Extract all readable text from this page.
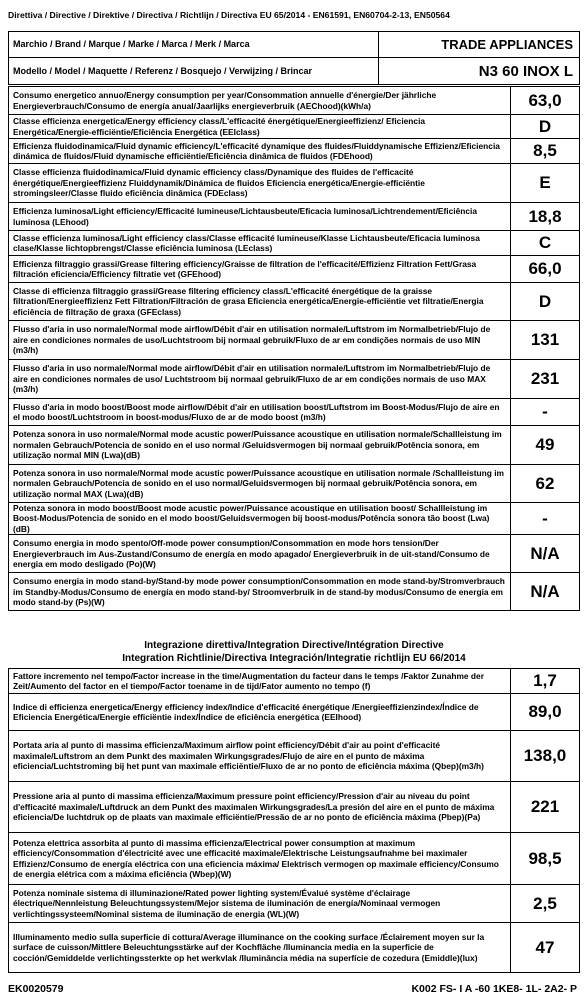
Direttiva / Directive / Direktive / Directiva / Richtlijn / Directiva EU 65/2014 - EN61591, EN60704-2-13, EN50564
Marchio / Brand / Marque / Marke / Marca / Merk / Marca	TRADE APPLIANCES
Modello / Model / Maquette / Referenz / Bosquejo / Verwijzing / Brincar	N3 60 INOX L
Consumo energetico annuo/Energy consumption per year/Consommation annuelle d'énergie/Der jährliche Energieverbrauch/Consumo de energía anual/Jaarlijks energieverbruik (AEChood)(kWh/a)	63,0
Classe efficienza energetica/Energy efficiency class/L'efficacité énergétique/Energieeffizienz/ Eficiencia Energética/Energie-efficiëntie/Eficiência Energética (EEIclass)	D
Efficienza fluidodinamica/Fluid dynamic efficiency/L'efficacité dynamique des fluides/Fluiddynamische Effizienz/Eficiencia dinámica de fluidos/Fluid dynamische efficiëntie/Eficiência dinâmica de fluidos (FDEhood)	8,5
Classe efficienza fluidodinamica/Fluid dynamic efficiency class/Dynamique des fluides de l'efficacité énergétique/Energieeffizienz Fluiddynamik/Dinámica de fluidos Eficiencia energética/Energie-efficiëntie stromingsleer/Classe fluido eficiência dinâmica (FDEclass)	E
Efficienza luminosa/Light efficiency/Efficacité lumineuse/Lichtausbeute/Eficacia luminosa/Lichtrendement/Eficiência luminosa (LEhood)	18,8
Classe efficienza luminosa/Light efficiency class/Classe efficacité lumineuse/Klasse Lichtausbeute/Eficacia luminosa clase/Klasse lichtopbrengst/Classe eficiência luminosa (LEclass)	C
Efficienza filtraggio grassi/Grease filtering efficiency/Graisse de filtration de l'efficacité/Effizienz Filtration Fett/Grasa filtración eficiencia/Efficiency filtratie vet (GFEhood)	66,0
Classe di efficienza filtraggio grassi/Grease filtering efficiency class/L'efficacité énergétique de la graisse filtration/Energieeffizienz Fett Filtration/Filtración de grasa Eficiencia energética/Energie-efficiëntie vet filtratie/Energia eficiência de filtração de graxa (GFEclass)	D
Flusso d'aria in uso normale/Normal mode airflow/Débit d'air en utilisation normale/Luftstrom im Normalbetrieb/Flujo de aire en condiciones normales de uso/Luchtstroom bij normaal gebruik/Fluxo de ar em condições normais de uso MIN (m3/h)	131
Flusso d'aria in uso normale/Normal mode airflow/Débit d'air en utilisation normale/Luftstrom im Normalbetrieb/Flujo de aire en condiciones normales de uso/ Luchtstroom bij normaal gebruik/Fluxo de ar em condições normais de uso MAX (m3/h)	231
Flusso d'aria in modo boost/Boost mode airflow/Débit d'air en utilisation boost/Luftstrom im Boost-Modus/Flujo de aire en el modo boost/Luchtstroom in boost-modus/Fluxo de ar de modo boost (m3/h)	-
Potenza sonora in uso normale/Normal mode acustic power/Puissance acoustique en utilisation normale/Schallleistung im normalen Gebrauch/Potencia de sonido en el uso normal /Geluidsvermogen bij normaal gebruik/Potência sonora, em utilização normal MIN (Lwa)(dB)	49
Potenza sonora in uso normale/Normal mode acustic power/Puissance acoustique en utilisation normale /Schallleistung im normalen Gebrauch/Potencia de sonido en el uso normal/Geluidsvermogen bij normaal gebruik/Potência sonora, em utilização normal MAX (Lwa)(dB)	62
Potenza sonora in modo boost/Boost mode acustic power/Puissance acoustique en utilisation boost/ Schallleistung im Boost-Modus/Potencia de sonido en el modo boost/Geluidsvermogen bij boost-modus/Potência sonora tão boost (Lwa)(dB)	-
Consumo energia in modo spento/Off-mode power consumption/Consommation en mode hors tension/Der Energieverbrauch im Aus-Zustand/Consumo de energía en modo apagado/ Energieverbruik in de uit-stand/Consumo de energia em modo desligado (Po)(W)	N/A
Consumo energia in modo stand-by/Stand-by mode power consumption/Consommation en mode stand-by/Stromverbrauch im Standby-Modus/Consumo de energía en modo stand-by/ Stroomverbruik in de stand-by modus/Consumo de energia em modo stand-by (Ps)(W)	N/A
Integrazione direttiva/Integration Directive/Intégration Directive
Integration Richtlinie/Directiva Integración/Integratie richtlijn EU 66/2014
Fattore incremento nel tempo/Factor increase in the time/Augmentation du facteur dans le temps /Faktor Zunahme der Zeit/Aumento del factor en el tiempo/Factor toename in de tijd/Fator aumento no tempo (f)	1,7
Indice di efficienza energetica/Energy efficiency index/Indice d'efficacité énergétique /Energieeffizienzindex/Índice de Eficiencia Energética/Energie efficiëntie index/Índice de eficiência energética (EEIhood)	89,0
Portata aria al punto di massima efficienza/Maximum airflow point efficiency/Débit d'air au point d'efficacité maximale/Luftstrom an dem Punkt des maximalen Wirkungsgrades/Flujo de aire en el punto de máxima eficiencia/Luchtstroming bij het punt van maximale efficiëntie/Fluxo de ar no ponto de eficiência máxima (Qbep)(m3/h)	138,0
Pressione aria al punto di massima efficienza/Maximum pressure point efficiency/Pression d'air au niveau du point d'efficacité maximale/Luftdruck an dem Punkt des maximalen Wirkungsgrades/La presión del aire en el punto de máxima eficiencia/De luchtdruk op de plaats van maximale efficiëntie/Pressão de ar no ponto de eficiência máxima (Pbep)(Pa)	221
Potenza elettrica assorbita al punto di massima efficienza/Electrical power consumption at maximum efficiency/Consommation d'électricité avec une efficacité maximale/Elektrische Leistungsaufnahme bei maximaler Effizienz/Consumo de energía eléctrica con una eficiencia máxima/ Elektrisch vermogen op maximale efficiency/Consumo de energia elétrica com a máxima eficiência (Wbep)(W)	98,5
Potenza nominale sistema di illuminazione/Rated power lighting system/Évalué système d'éclairage électrique/Nennleistung Beleuchtungssystem/Mejor sistema de iluminación de energía/Nominaal vermogen verlichtingssysteem/Nominal sistema de iluminação de energia (WL)(W)	2,5
Illuminamento medio sulla superficie di cottura/Average illuminance on the cooking surface /Éclairement moyen sur la surface de cuisson/Mittlere Beleuchtungsstärke auf der Kochfläche /Iluminancia media en la superficie de cocción/Gemiddelde verlichtingssterkte op het werkvlak /Iluminância média na superfície de cozedura (Emiddle)(lux)	47
EK0020579	K002 FS- I A -60 1KE8- 1L- 2A2- P
